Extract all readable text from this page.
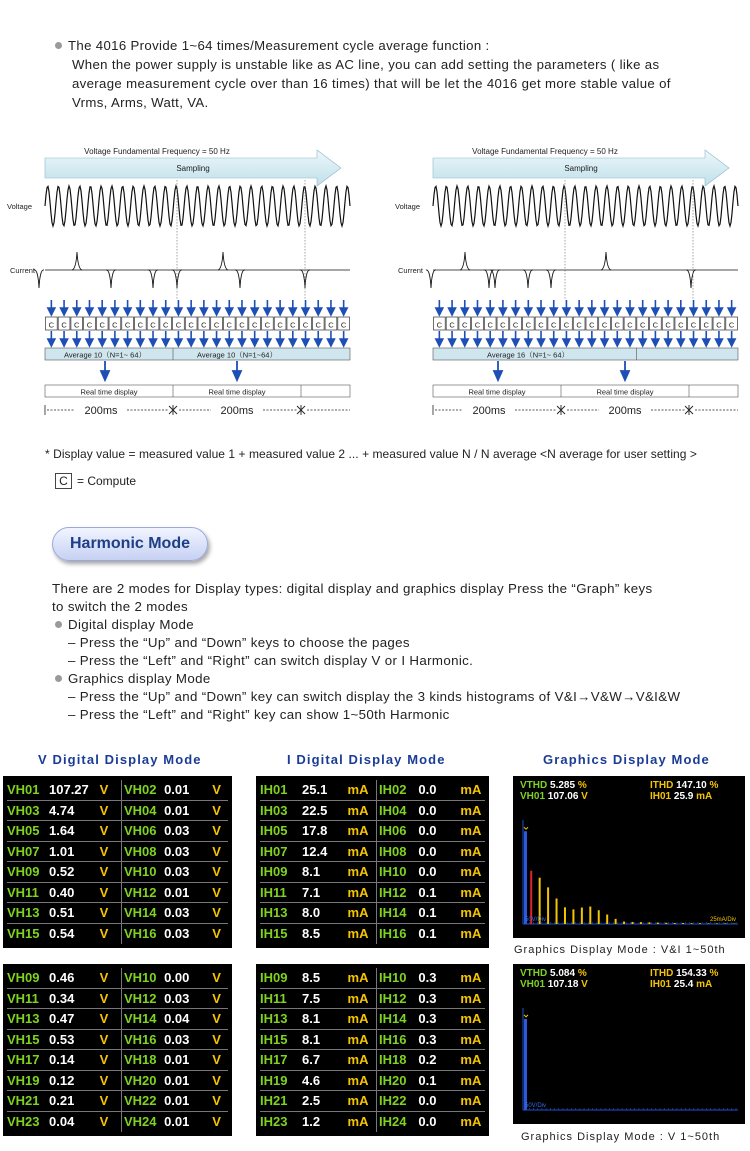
The 4016 Provide 1~64 times/Measurement cycle average function :
When the power supply is unstable like as AC line, you can add setting the parameters ( like as
average measurement cycle over than 16 times) that will be let the 4016 get more stable value of
Vrms, Arms, Watt, VA.
Voltage Fundamental Frequency = 50 Hz
Sampling
Voltage
Current
C C C C C C C C C C C C C C C C C C C C C C C C
Average 10（N=1~ 64）	Average 10（N=1~64）
Real time display	Real time display
200ms	200ms
Voltage Fundamental Frequency = 50 Hz
Sampling
Voltage
Current
C C C C C C C C C C C C C C C C C C C C C C C C
Average 16（N=1~ 64）
Real time display	Real time display
200ms	200ms
* Display value = measured value 1 + measured value 2 ... + measured value N / N average <N average for user setting >
C = Compute
Harmonic Mode
There are 2 modes for Display types: digital display and graphics display Press the “Graph” keys
to switch the 2 modes
Digital display Mode
– Press the “Up” and “Down” keys to choose the pages
– Press the “Left” and “Right” can switch display V or I Harmonic.
Graphics display Mode
– Press the “Up” and “Down” key can switch display the 3 kinds histograms of V&I→V&W→V&I&W
– Press the “Left” and “Right” key can show 1~50th Harmonic
V Digital Display Mode	I Digital Display Mode	Graphics Display Mode
VH01 107.27 V	VH02 0.01	V
VH03 4.74	V	VH04 0.01	V
VH05 1.64	V	VH06 0.03	V
VH07 1.01	V	VH08 0.03	V
VH09 0.52	V	VH10 0.03	V
VH11 0.40	V	VH12 0.01	V
VH13 0.51	V	VH14 0.03	V
VH15 0.54	V	VH16 0.03	V
IH01	25.1	mA IH02 0.0	mA
IH03	22.5	mA IH04 0.0	mA
IH05	17.8	mA IH06 0.0	mA
IH07	12.4	mA IH08 0.0	mA
IH09	8.1	mA IH10 0.0	mA
IH11	7.1	mA IH12 0.1	mA
IH13	8.0	mA IH14 0.1	mA
IH15	8.5	mA IH16 0.1	mA
VH09 0.46	V	VH10 0.00	V
VH11 0.34	V	VH12 0.03	V
VH13 0.47	V	VH14 0.04	V
VH15 0.53	V	VH16 0.03	V
VH17 0.14	V	VH18 0.01	V
VH19 0.12	V	VH20 0.01	V
VH21 0.21	V	VH22 0.01	V
VH23 0.04	V	VH24 0.01	V
IH09	8.5	mA IH10 0.3	mA
IH11	7.5	mA IH12 0.3	mA
IH13	8.1	mA IH14 0.3	mA
IH15	8.1	mA IH16 0.3	mA
IH17	6.7	mA IH18 0.2	mA
IH19	4.6	mA IH20 0.1	mA
IH21	2.5	mA IH22 0.0	mA
IH23	1.2	mA IH24 0.0	mA
VTHD 5.285 %
VH01 107.06 V
ITHD 147.10 %
IH01 25.9 mA
50V/Div	25mA/Div
Graphics Display Mode : V&I 1~50th
VTHD 5.084 %
VH01 107.18 V
ITHD 154.33 %
IH01 25.4 mA
50V/Div
Graphics Display Mode : V 1~50th
